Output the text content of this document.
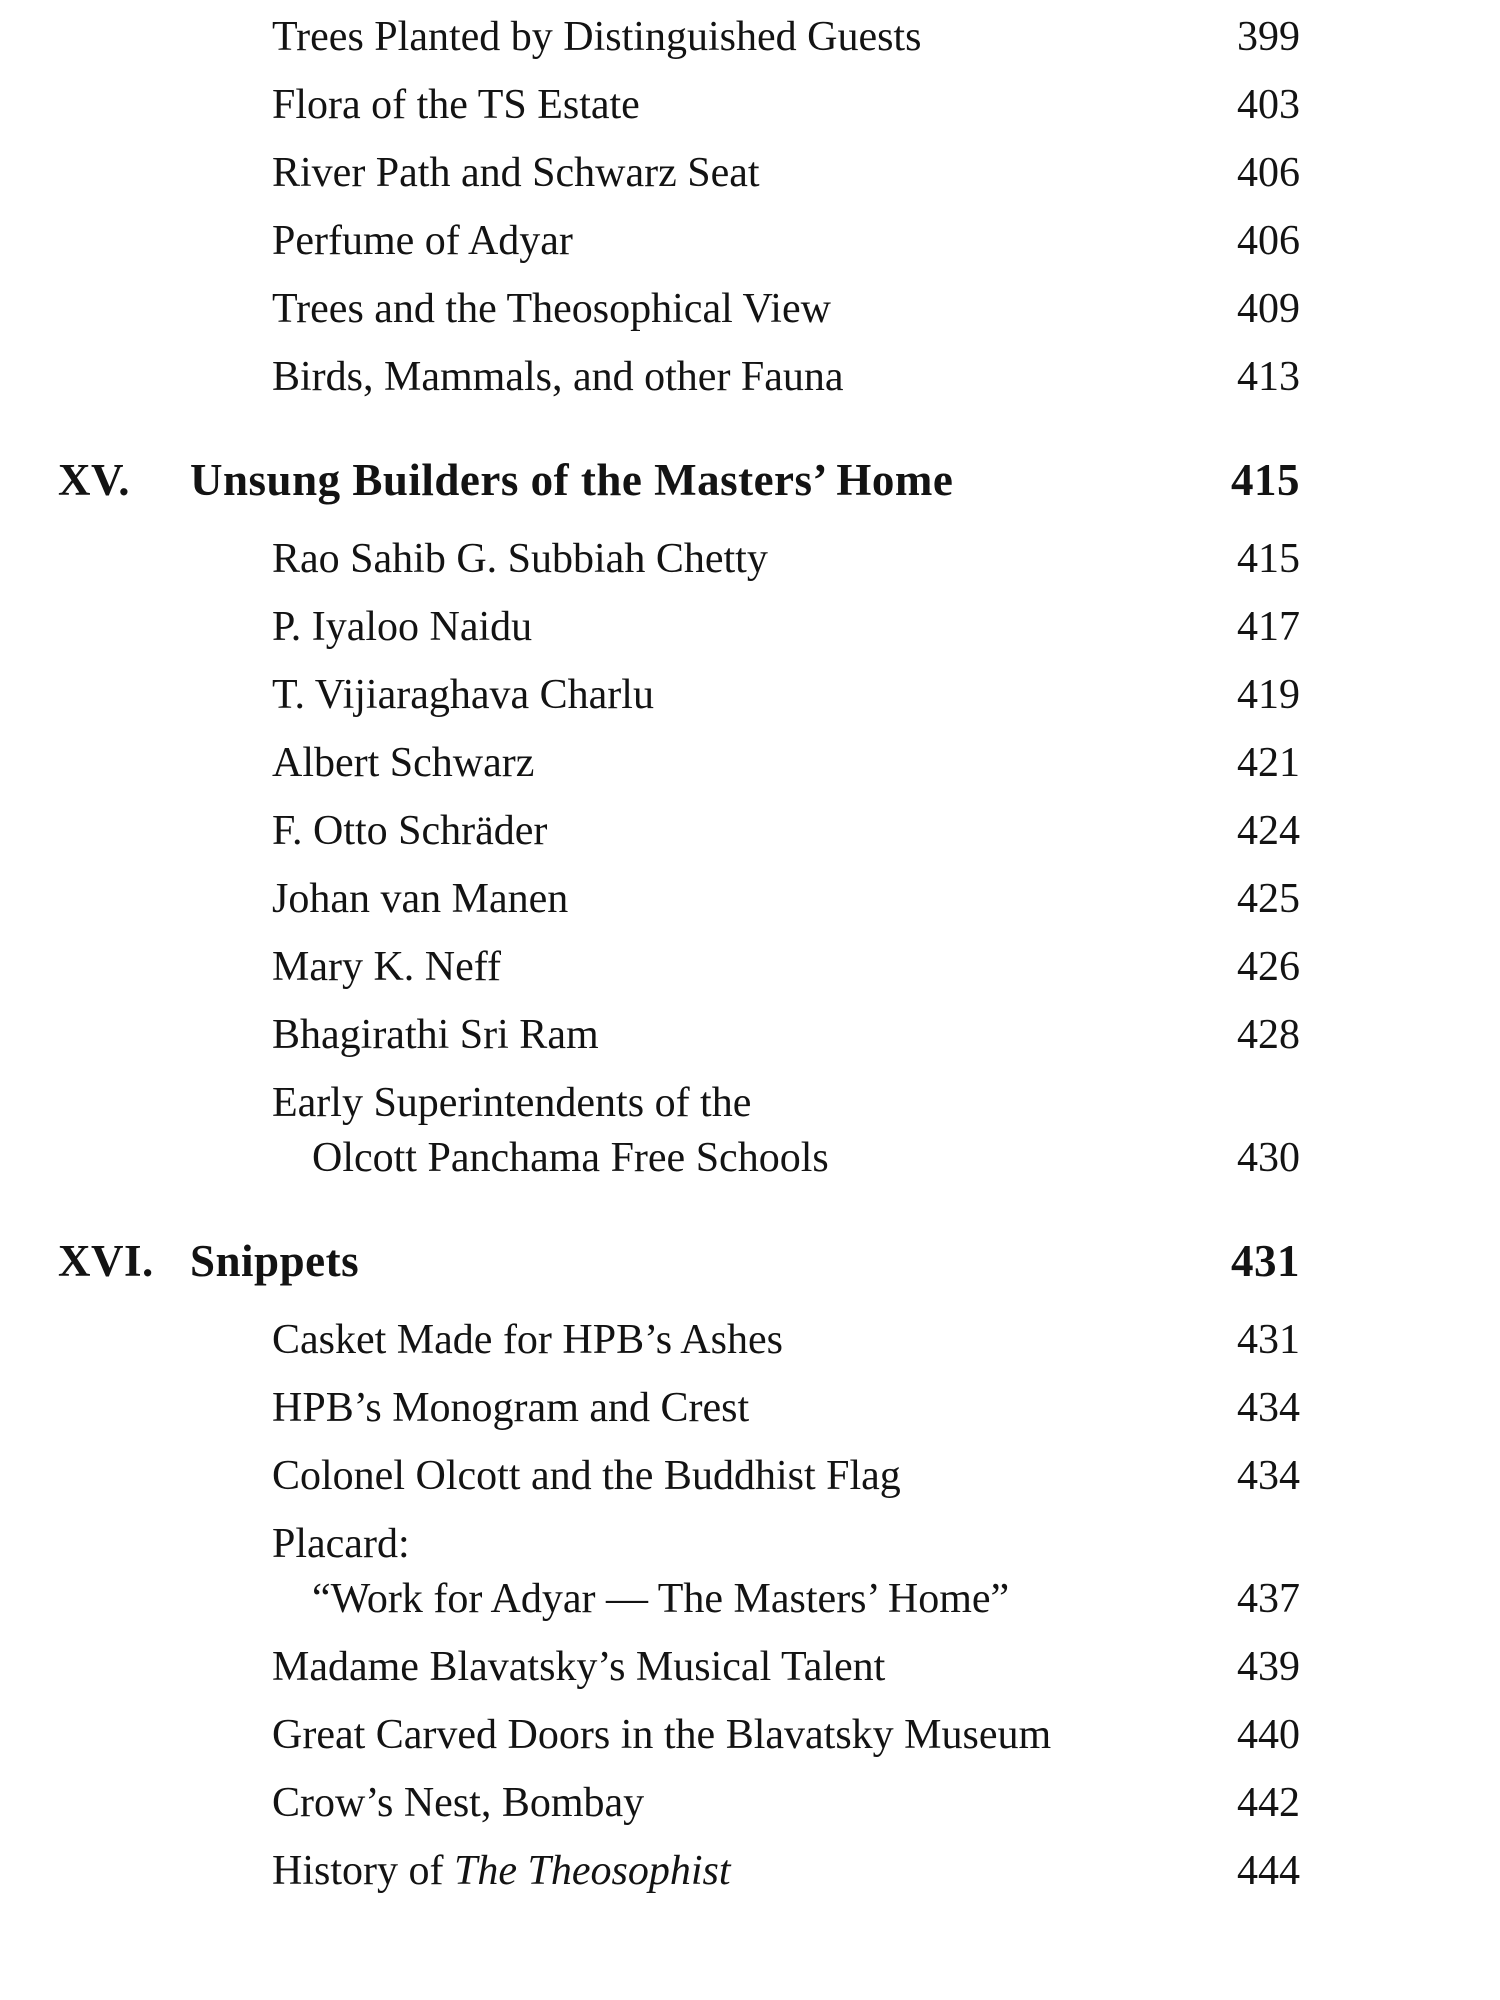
Trees Planted by Distinguished Guests	399
Flora of the TS Estate	403
River Path and Schwarz Seat	406
Perfume of Adyar	406
Trees and the Theosophical View	409
Birds, Mammals, and other Fauna	413
XV.	Unsung Builders of the Masters’ Home	415
Rao Sahib G. Subbiah Chetty	415
P. Iyaloo Naidu	417
T. Vijiaraghava Charlu	419
Albert Schwarz	421
F. Otto Schräder	424
Johan van Manen	425
Mary K. Neff	426
Bhagirathi Sri Ram	428
Early Superintendents of the
Olcott Panchama Free Schools	430
XVI. Snippets	431
Casket Made for HPB’s Ashes	431
HPB’s Monogram and Crest	434
Colonel Olcott and the Buddhist Flag	434
Placard:
“Work for Adyar — The Masters’ Home”	437
Madame Blavatsky’s Musical Talent	439
Great Carved Doors in the Blavatsky Museum	440
Crow’s Nest, Bombay	442
History of The Theosophist	444
